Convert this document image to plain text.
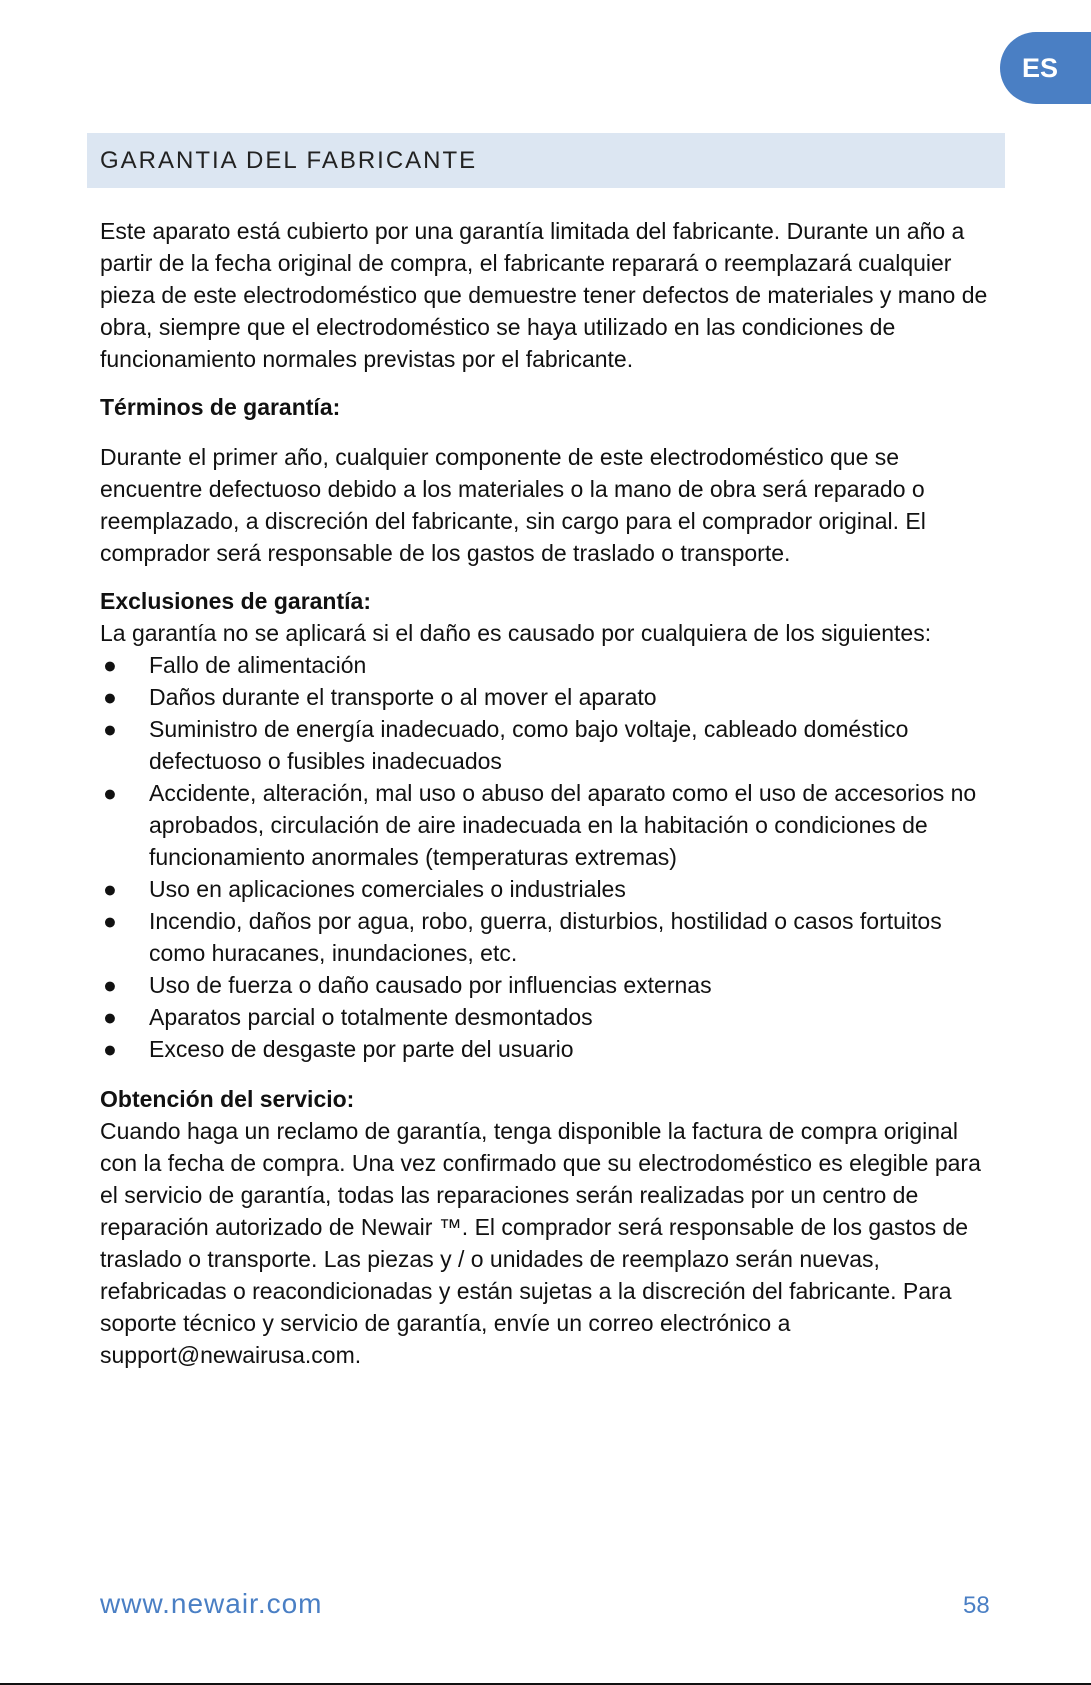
ES
GARANTIA DEL FABRICANTE

Este aparato está cubierto por una garantía limitada del fabricante. Durante un año a partir de la fecha original de compra, el fabricante reparará o reemplazará cualquier pieza de este electrodoméstico que demuestre tener defectos de materiales y mano de obra, siempre que el electrodoméstico se haya utilizado en las condiciones de funcionamiento normales previstas por el fabricante.

Términos de garantía:

Durante el primer año, cualquier componente de este electrodoméstico que se encuentre defectuoso debido a los materiales o la mano de obra será reparado o reemplazado, a discreción del fabricante, sin cargo para el comprador original. El comprador será responsable de los gastos de traslado o transporte.

Exclusiones de garantía:

La garantía no se aplicará si el daño es causado por cualquiera de los siguientes:

● Fallo de alimentación
● Daños durante el transporte o al mover el aparato
● Suministro de energía inadecuado, como bajo voltaje, cableado doméstico defectuoso o fusibles inadecuados
● Accidente, alteración, mal uso o abuso del aparato como el uso de accesorios no aprobados, circulación de aire inadecuada en la habitación o condiciones de funcionamiento anormales (temperaturas extremas)
● Uso en aplicaciones comerciales o industriales
● Incendio, daños por agua, robo, guerra, disturbios, hostilidad o casos fortuitos como huracanes, inundaciones, etc.
● Uso de fuerza o daño causado por influencias externas
● Aparatos parcial o totalmente desmontados
● Exceso de desgaste por parte del usuario

Obtención del servicio:

Cuando haga un reclamo de garantía, tenga disponible la factura de compra original con la fecha de compra. Una vez confirmado que su electrodoméstico es elegible para el servicio de garantía, todas las reparaciones serán realizadas por un centro de reparación autorizado de Newair ™. El comprador será responsable de los gastos de traslado o transporte. Las piezas y / o unidades de reemplazo serán nuevas, refabricadas o reacondicionadas y están sujetas a la discreción del fabricante. Para soporte técnico y servicio de garantía, envíe un correo electrónico a support@newairusa.com.

www.newair.com	58
